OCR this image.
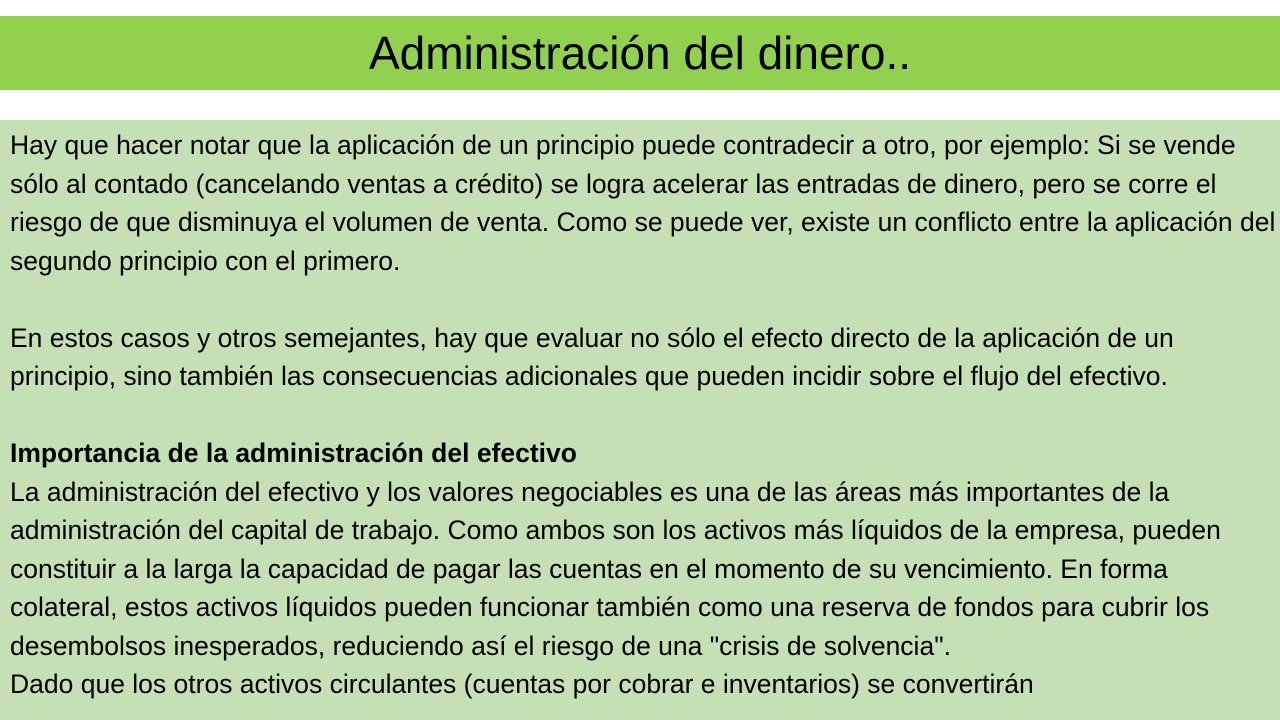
Administración del dinero..

Hay que hacer notar que la aplicación de un principio puede contradecir a otro, por ejemplo: Si se vende sólo al contado (cancelando ventas a crédito) se logra acelerar las entradas de dinero, pero se corre el riesgo de que disminuya el volumen de venta. Como se puede ver, existe un conflicto entre la aplicación del segundo principio con el primero.

En estos casos y otros semejantes, hay que evaluar no sólo el efecto directo de la aplicación de un principio, sino también las consecuencias adicionales que pueden incidir sobre el flujo del efectivo.

Importancia de la administración del efectivo

La administración del efectivo y los valores negociables es una de las áreas más importantes de la administración del capital de trabajo. Como ambos son los activos más líquidos de la empresa, pueden constituir a la larga la capacidad de pagar las cuentas en el momento de su vencimiento. En forma colateral, estos activos líquidos pueden funcionar también como una reserva de fondos para cubrir los desembolsos inesperados, reduciendo así el riesgo de una "crisis de solvencia".

Dado que los otros activos circulantes (cuentas por cobrar e inventarios) se convertirán
